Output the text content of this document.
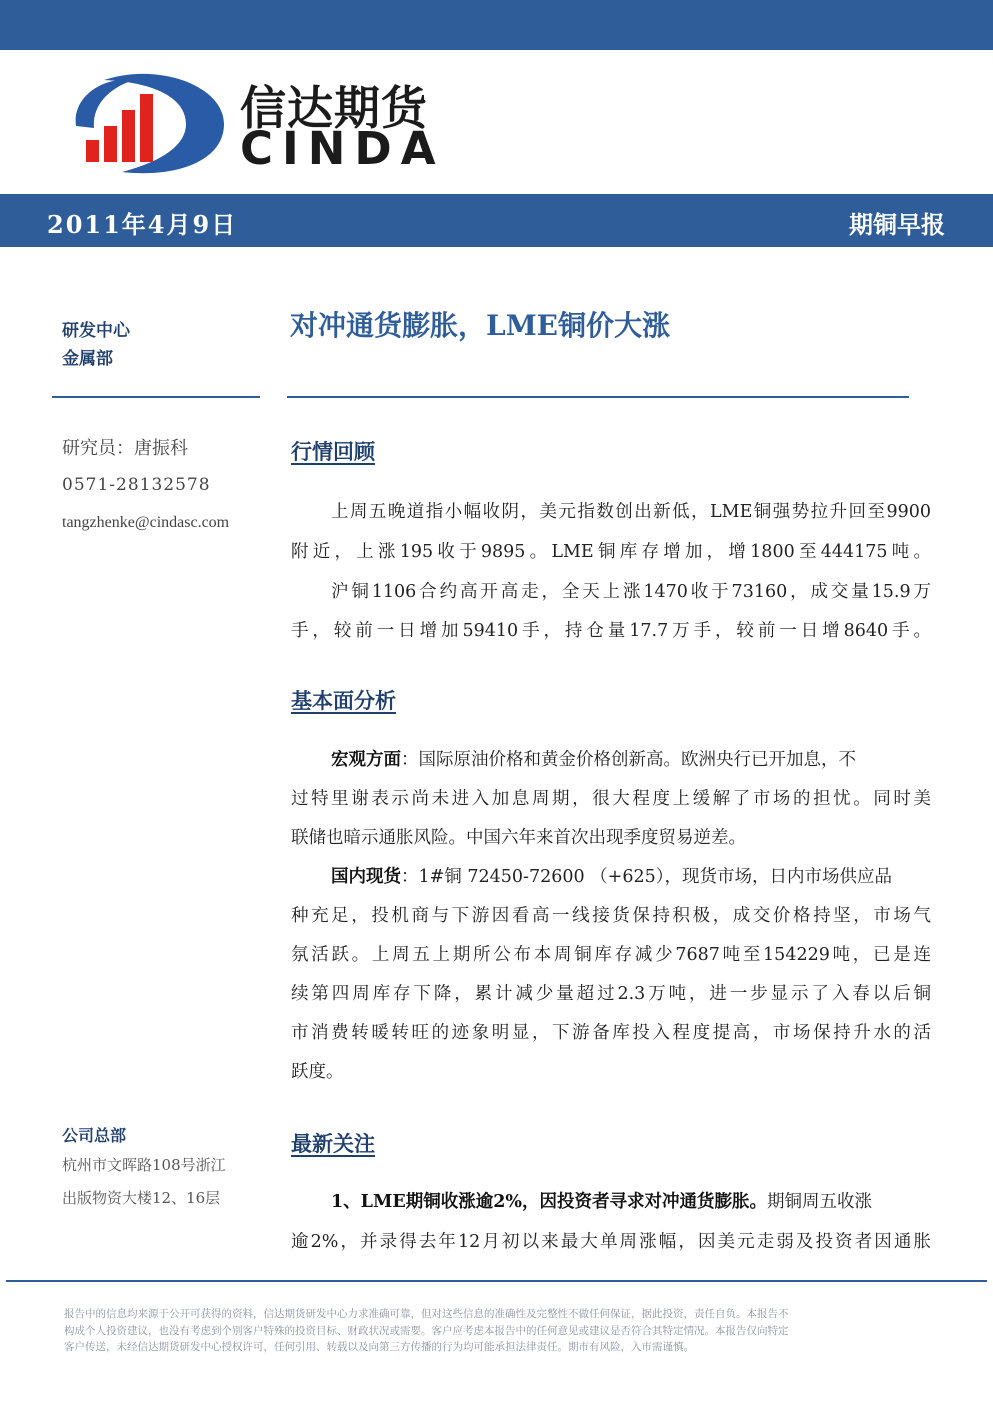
信达期货
CINDA
2011年4月9日	期铜早报
研发中心
金属部
研究员：唐振科
0571-28132578
tangzhenke@cindasc.com
公司总部
杭州市文晖路108号浙江
出版物资大楼12、16层
对冲通货膨胀，LME铜价大涨
行情回顾
上周五晚道指小幅收阴，美元指数创出新低，LME铜强势拉升回至9900
附近，上涨195收于9895。LME铜库存增加，增1800至444175吨。
沪铜1106合约高开高走，全天上涨1470收于73160，成交量15.9万
手，较前一日增加59410手，持仓量17.7万手，较前一日增8640手。
基本面分析
宏观方面：国际原油价格和黄金价格创新高。欧洲央行已开加息，不
过特里谢表示尚未进入加息周期，很大程度上缓解了市场的担忧。同时美
联储也暗示通胀风险。中国六年来首次出现季度贸易逆差。
国内现货：1#铜 72450-72600 （+625），现货市场，日内市场供应品
种充足，投机商与下游因看高一线接货保持积极，成交价格持坚，市场气
氛活跃。上周五上期所公布本周铜库存减少7687吨至154229吨，已是连
续第四周库存下降，累计减少量超过2.3万吨，进一步显示了入春以后铜
市消费转暖转旺的迹象明显，下游备库投入程度提高，市场保持升水的活
跃度。
最新关注
1、LME期铜收涨逾2%，因投资者寻求对冲通货膨胀。期铜周五收涨
逾2%，并录得去年12月初以来最大单周涨幅，因美元走弱及投资者因通胀
报告中的信息均来源于公开可获得的资料，信达期货研发中心力求准确可靠，但对这些信息的准确性及完整性不做任何保证，据此投资，责任自负。本报告不
构成个人投资建议，也没有考虑到个别客户特殊的投资目标、财政状况或需要。客户应考虑本报告中的任何意见或建议是否符合其特定情况。本报告仅向特定
客户传送，未经信达期货研发中心授权许可，任何引用、转载以及向第三方传播的行为均可能承担法律责任。期市有风险，入市需谨慎。
